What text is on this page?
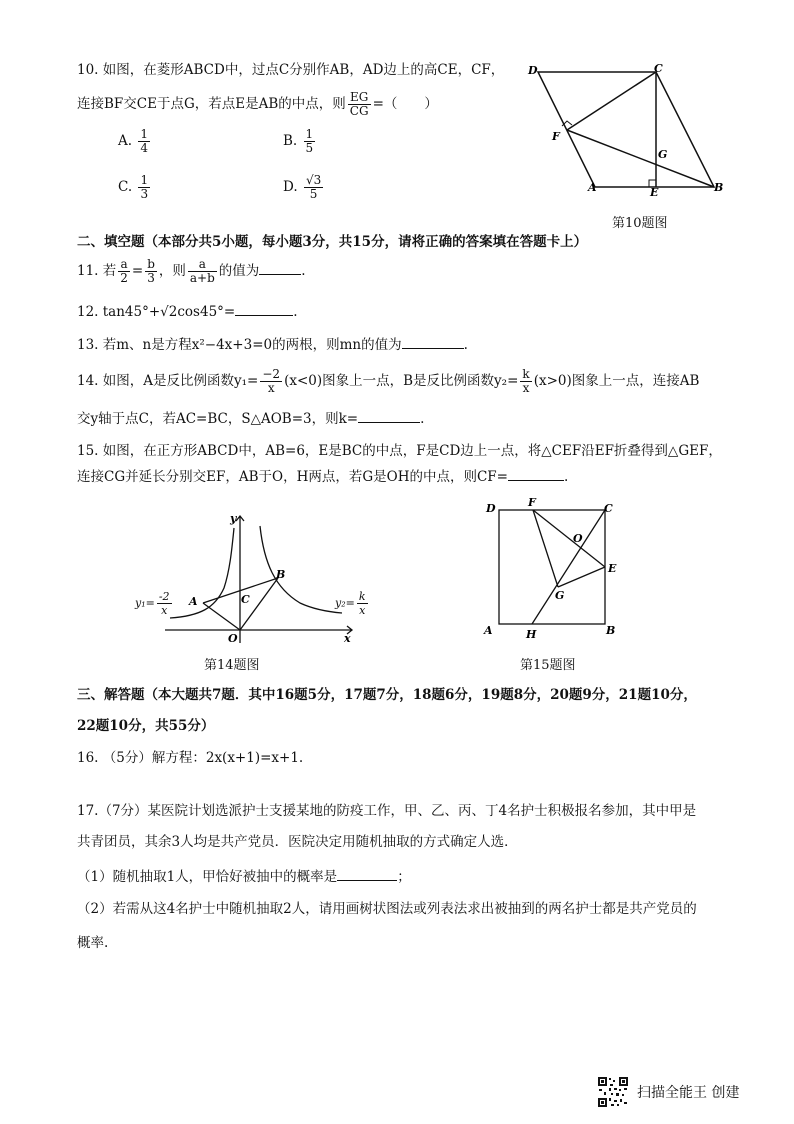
10. 如图，在菱形ABCD中，过点C分别作AB，AD边上的高CE，CF，
连接BF交CE于点G，若点E是AB的中点，则 $\frac{EG}{CG}$ =（　　）
A. $\frac{1}{4}$	B. $\frac{1}{5}$
C. $\frac{1}{3}$	D. $\frac{√3}{5}$
D	C
F
G
A	E	B
第10题图
二、填空题（本部分共5小题，每小题3分，共15分，请将正确的答案填在答题卡上）
11. 若 $\frac{a}{2} = \frac{b}{3}$ ，则 $\frac{a}{a+b}$ 的值为	.
12. tan45°+√2cos45°=	.
13. 若m、n是方程x²−4x+3=0的两根，则mn的值为	.
14. 如图，A是反比例函数$y_1= \frac{-2}{x} (x<0)$图象上一点，B是反比例函数$y_2= \frac{k}{x} (x>0)$图象上一点，连接AB
交y轴于点C，若AC=BC，S△AOB=3，则k=	.
15. 如图，在正方形ABCD中，AB=6，E是BC的中点，F是CD边上一点，将△CEF沿EF折叠得到△GEF，
连接CG并延长分别交EF，AB于O，H两点，若G是OH的中点，则CF=	.
y
A
B
C
O	x
$y_1= \frac{-2}{x}$	$y_2= \frac{k}{x}$
第14题图
D	F	C
O
E
G
A	H	B
第15题图
三、解答题（本大题共7题．其中16题5分，17题7分，18题6分，19题8分，20题9分，21题10分，
22题10分，共55分）
16. （5分）解方程：2x(x+1)=x+1.
17.（7分）某医院计划选派护士支援某地的防疫工作，甲、乙、丙、丁4名护士积极报名参加，其中甲是
共青团员，其余3人均是共产党员．医院决定用随机抽取的方式确定人选．
（1）随机抽取1人，甲恰好被抽中的概率是	；
（2）若需从这4名护士中随机抽取2人，请用画树状图法或列表法求出被抽到的两名护士都是共产党员的
概率.
扫描全能王 创建
